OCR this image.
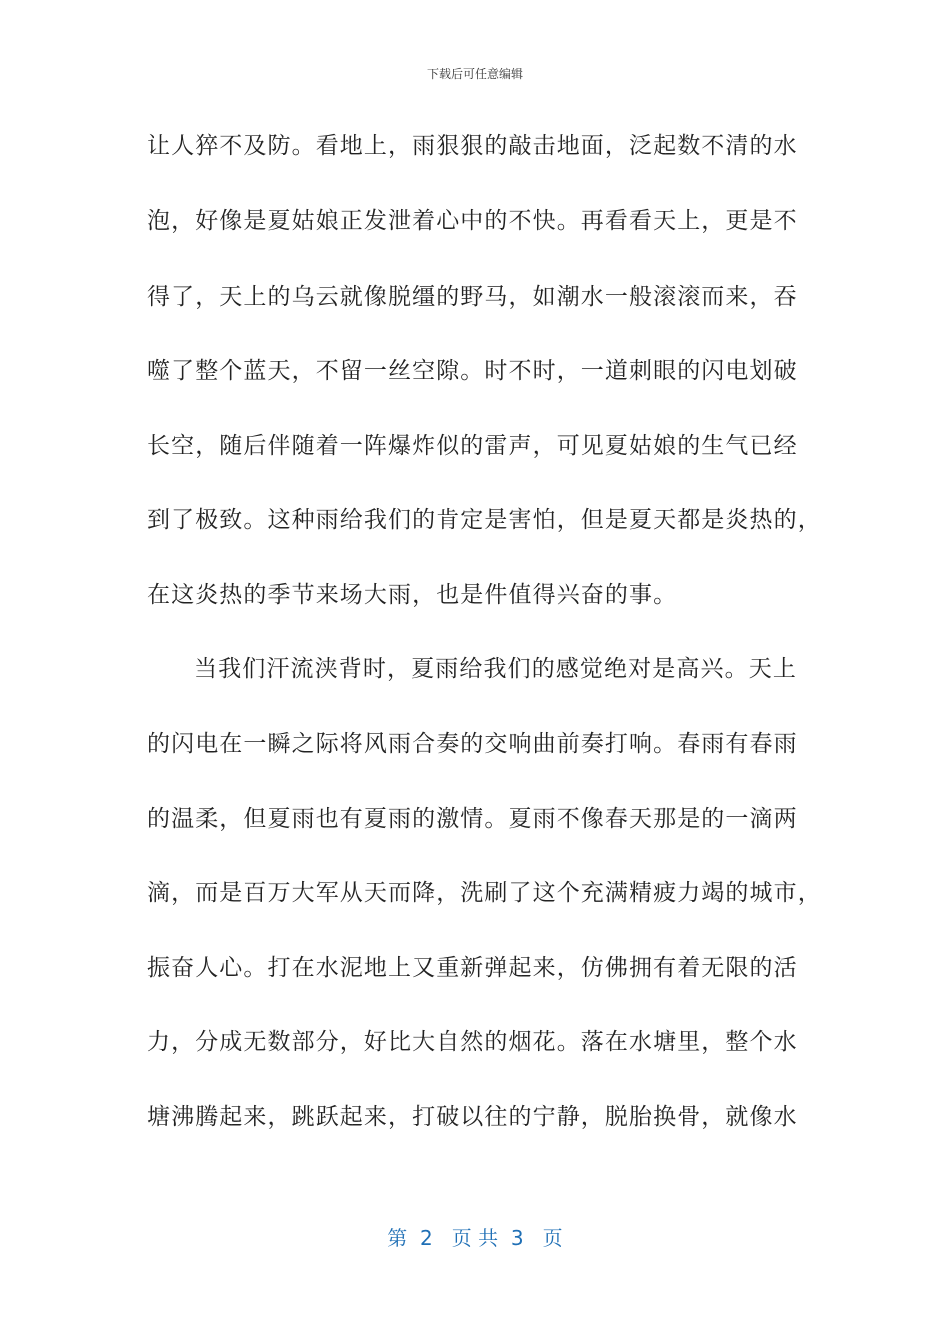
下载后可任意编辑
让人猝不及防。看地上，雨狠狠的敲击地面，泛起数不清的水
泡，好像是夏姑娘正发泄着心中的不快。再看看天上，更是不
得了，天上的乌云就像脱缰的野马，如潮水一般滚滚而来，吞
噬了整个蓝天，不留一丝空隙。时不时，一道刺眼的闪电划破
长空，随后伴随着一阵爆炸似的雷声，可见夏姑娘的生气已经
到了极致。这种雨给我们的肯定是害怕，但是夏天都是炎热的，
在这炎热的季节来场大雨，也是件值得兴奋的事。
当我们汗流浃背时，夏雨给我们的感觉绝对是高兴。天上
的闪电在一瞬之际将风雨合奏的交响曲前奏打响。春雨有春雨
的温柔，但夏雨也有夏雨的激情。夏雨不像春天那是的一滴两
滴，而是百万大军从天而降，洗刷了这个充满精疲力竭的城市，
振奋人心。打在水泥地上又重新弹起来，仿佛拥有着无限的活
力，分成无数部分，好比大自然的烟花。落在水塘里，整个水
塘沸腾起来，跳跃起来，打破以往的宁静，脱胎换骨，就像水
第  2   页 共  3   页
